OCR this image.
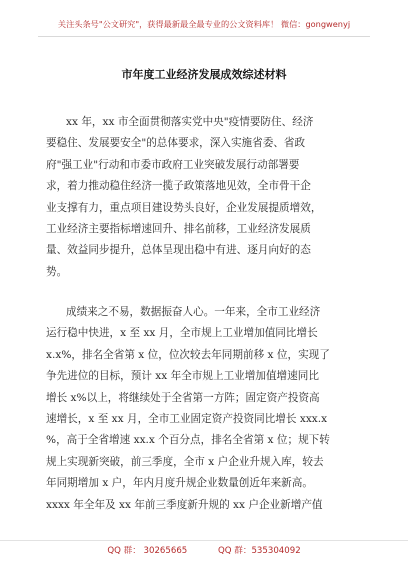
关注头条号"公文研究"，获得最新最全最专业的公文资料库！ 微信：gongwenyj
市年度工业经济发展成效综述材料
xx 年，xx 市全面贯彻落实党中央"疫情要防住、经济
要稳住、发展要安全"的总体要求，深入实施省委、省政
府"强工业"行动和市委市政府工业突破发展行动部署要
求，着力推动稳住经济一揽子政策落地见效，全市骨干企
业支撑有力，重点项目建设势头良好，企业发展提质增效，
工业经济主要指标增速回升、排名前移，工业经济发展质
量、效益同步提升，总体呈现出稳中有进、逐月向好的态
势。
成绩来之不易，数据振奋人心。一年来，全市工业经济
运行稳中快进，x 至 xx 月，全市规上工业增加值同比增长
x.x%，排名全省第 x 位，位次较去年同期前移 x 位，实现了
争先进位的目标，预计 xx 年全市规上工业增加值增速同比
增长 x%以上，将继续处于全省第一方阵；固定资产投资高
速增长，x 至 xx 月，全市工业固定资产投资同比增长 xxx.x
%，高于全省增速 xx.x 个百分点，排名全省第 x 位；规下转
规上实现新突破，前三季度，全市 x 户企业升规入库，较去
年同期增加 x 户，年内月度升规企业数量创近年来新高。
xxxx 年全年及 xx 年前三季度新升规的 xx 户企业新增产值
QQ 群： 30265665	QQ 群：535304092
